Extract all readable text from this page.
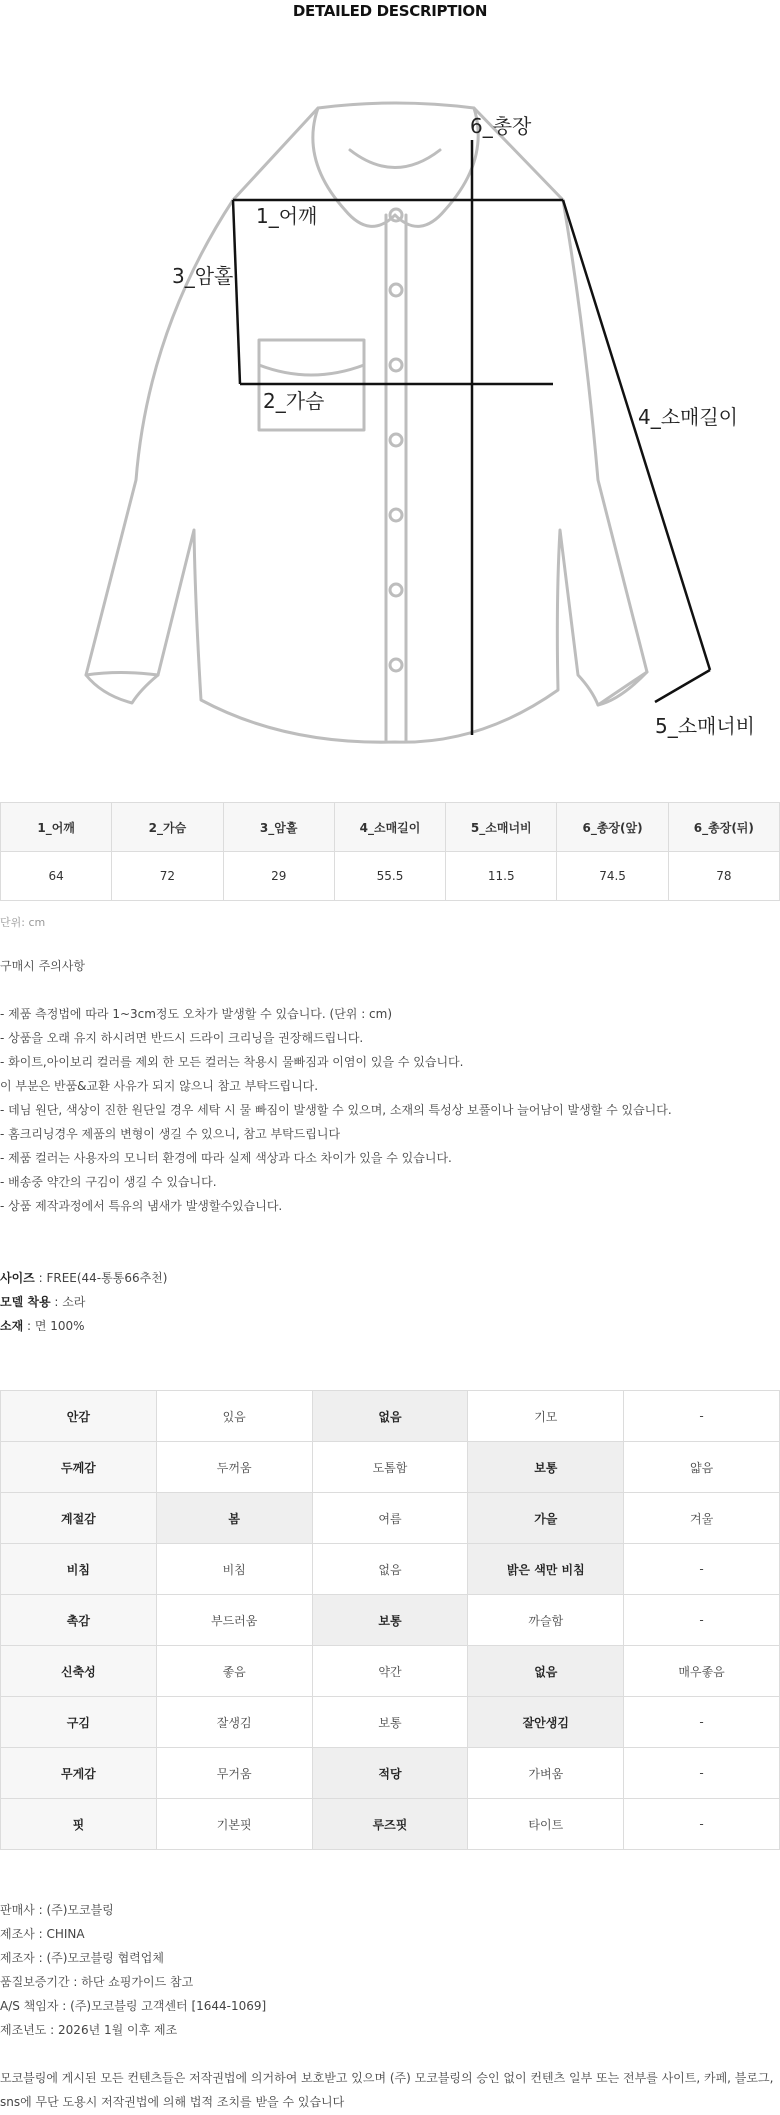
DETAILED DESCRIPTION
1_어깨
2_가슴
3_암홀
4_소매길이
5_소매너비
6_총장
1_어깨	2_가슴	3_암홀	4_소매길이	5_소매너비	6_총장(앞)	6_총장(뒤)
64	72	29	55.5	11.5	74.5	78
단위: cm
구매시 주의사항
- 제품 측정법에 따라 1~3cm정도 오차가 발생할 수 있습니다. (단위 : cm)
- 상품을 오래 유지 하시려면 반드시 드라이 크리닝을 권장해드립니다.
- 화이트,아이보리 컬러를 제외 한 모든 컬러는 착용시 물빠짐과 이염이 있을 수 있습니다.
이 부분은 반품&교환 사유가 되지 않으니 참고 부탁드립니다.
- 데님 원단, 색상이 진한 원단일 경우 세탁 시 물 빠짐이 발생할 수 있으며, 소재의 특성상 보풀이나 늘어남이 발생할 수 있습니다.
- 홈크리닝경우 제품의 변형이 생길 수 있으니, 참고 부탁드립니다
- 제품 컬러는 사용자의 모니터 환경에 따라 실제 색상과 다소 차이가 있을 수 있습니다.
- 배송중 약간의 구김이 생길 수 있습니다.
- 상품 제작과정에서 특유의 냄새가 발생할수있습니다.
사이즈 : FREE(44-통통66추천)
모델 착용 : 소라
소재 : 면 100%
안감	있음	없음	기모	-
두께감	두꺼움	도톰함	보통	얇음
계절감	봄	여름	가을	겨울
비침	비침	없음	밝은 색만 비침	-
촉감	부드러움	보통	까슬함	-
신축성	좋음	약간	없음	매우좋음
구김	잘생김	보통	잘안생김	-
무게감	무거움	적당	가벼움	-
핏	기본핏	루즈핏	타이트	-
판매사 : (주)모코블링
제조사 : CHINA
제조자 : (주)모코블링 협력업체
품질보증기간 : 하단 쇼핑가이드 참고
A/S 책임자 : (주)모코블링 고객센터 [1644-1069]
제조년도 : 2026년 1월 이후 제조
모코블링에 게시된 모든 컨텐츠들은 저작권법에 의거하여 보호받고 있으며 (주) 모코블링의 승인 없이 컨텐츠 일부 또는 전부를 사이트, 카페, 블로그, sns에 무단 도용시 저작권법에 의해 법적 조치를 받을 수 있습니다
